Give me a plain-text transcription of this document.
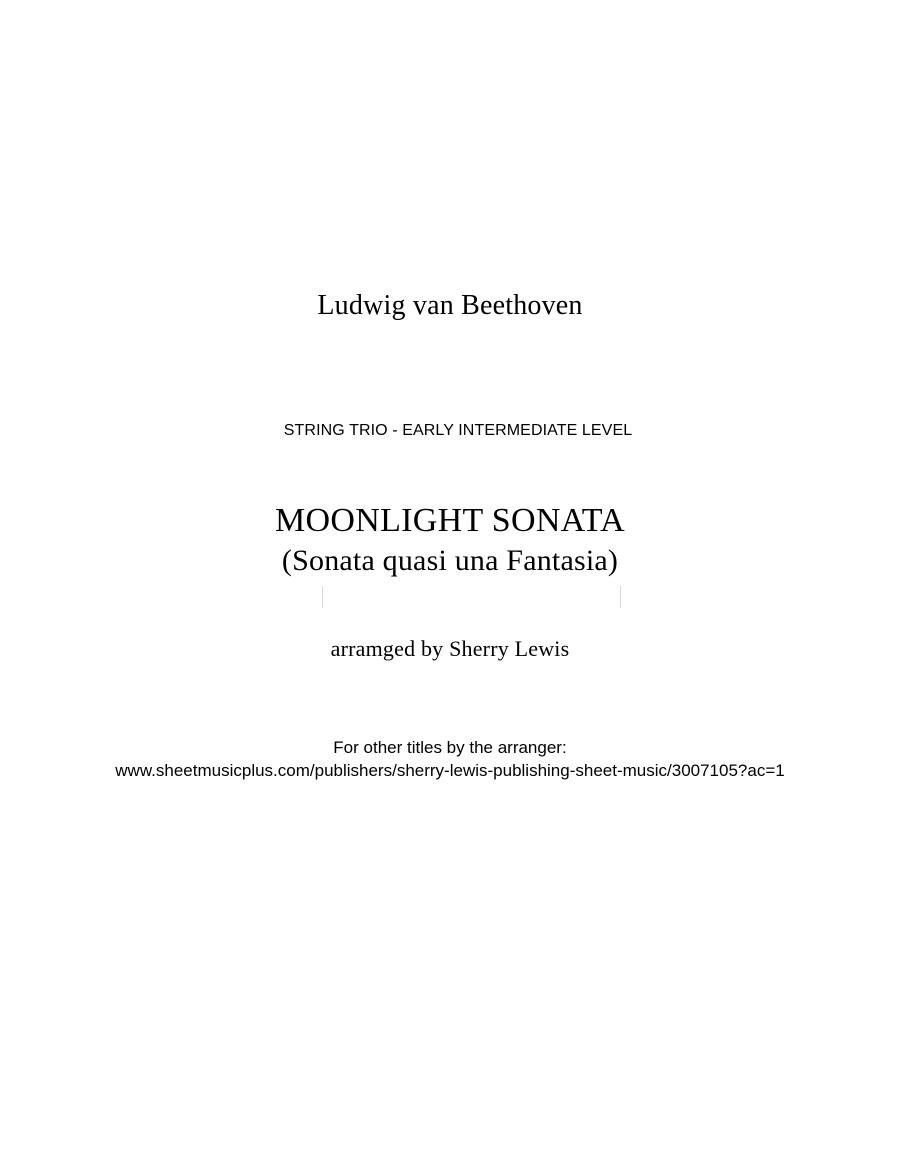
Ludwig van Beethoven
STRING TRIO - EARLY INTERMEDIATE LEVEL
MOONLIGHT SONATA
(Sonata quasi una Fantasia)
arramged by Sherry Lewis
For other titles by the arranger:
www.sheetmusicplus.com/publishers/sherry-lewis-publishing-sheet-music/3007105?ac=1
